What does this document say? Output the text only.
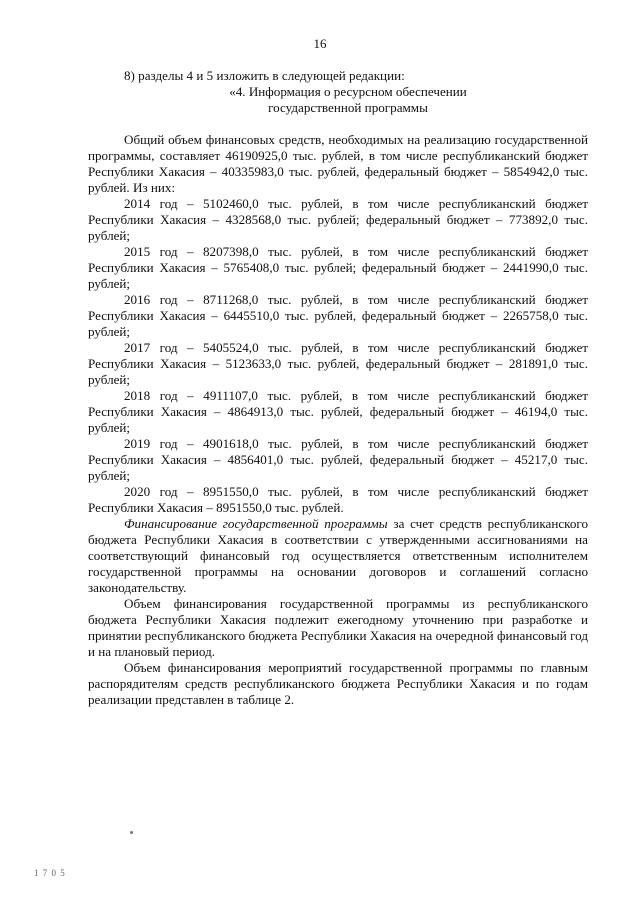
16

8) разделы 4 и 5 изложить в следующей редакции:

«4. Информация о ресурсном обеспечении
государственной программы

Общий объем финансовых средств, необходимых на реализацию государственной программы, составляет 46190925,0 тыс. рублей, в том числе республиканский бюджет Республики Хакасия – 40335983,0 тыс. рублей, федеральный бюджет – 5854942,0 тыс. рублей. Из них:

2014 год – 5102460,0 тыс. рублей, в том числе республиканский бюджет Республики Хакасия – 4328568,0 тыс. рублей; федеральный бюджет – 773892,0 тыс. рублей;

2015 год – 8207398,0 тыс. рублей, в том числе республиканский бюджет Республики Хакасия – 5765408,0 тыс. рублей; федеральный бюджет – 2441990,0 тыс. рублей;

2016 год – 8711268,0 тыс. рублей, в том числе республиканский бюджет Республики Хакасия – 6445510,0 тыс. рублей, федеральный бюджет – 2265758,0 тыс. рублей;

2017 год – 5405524,0 тыс. рублей, в том числе республиканский бюджет Республики Хакасия – 5123633,0 тыс. рублей, федеральный бюджет – 281891,0 тыс. рублей;

2018 год – 4911107,0 тыс. рублей, в том числе республиканский бюджет Республики Хакасия – 4864913,0 тыс. рублей, федеральный бюджет – 46194,0 тыс. рублей;

2019 год – 4901618,0 тыс. рублей, в том числе республиканский бюджет Республики Хакасия – 4856401,0 тыс. рублей, федеральный бюджет – 45217,0 тыс. рублей;

2020 год – 8951550,0 тыс. рублей, в том числе республиканский бюджет Республики Хакасия – 8951550,0 тыс. рублей.

Финансирование государственной программы за счет средств республиканского бюджета Республики Хакасия в соответствии с утвержденными ассигнованиями на соответствующий финансовый год осуществляется ответственным исполнителем государственной программы на основании договоров и соглашений согласно законодательству.

Объем финансирования государственной программы из республиканского бюджета Республики Хакасия подлежит ежегодному уточнению при разработке и принятии республиканского бюджета Республики Хакасия на очередной финансовый год и на плановый период.

Объем финансирования мероприятий государственной программы по главным распорядителям средств республиканского бюджета Республики Хакасия и по годам реализации представлен в таблице 2.

1 7 0 5
